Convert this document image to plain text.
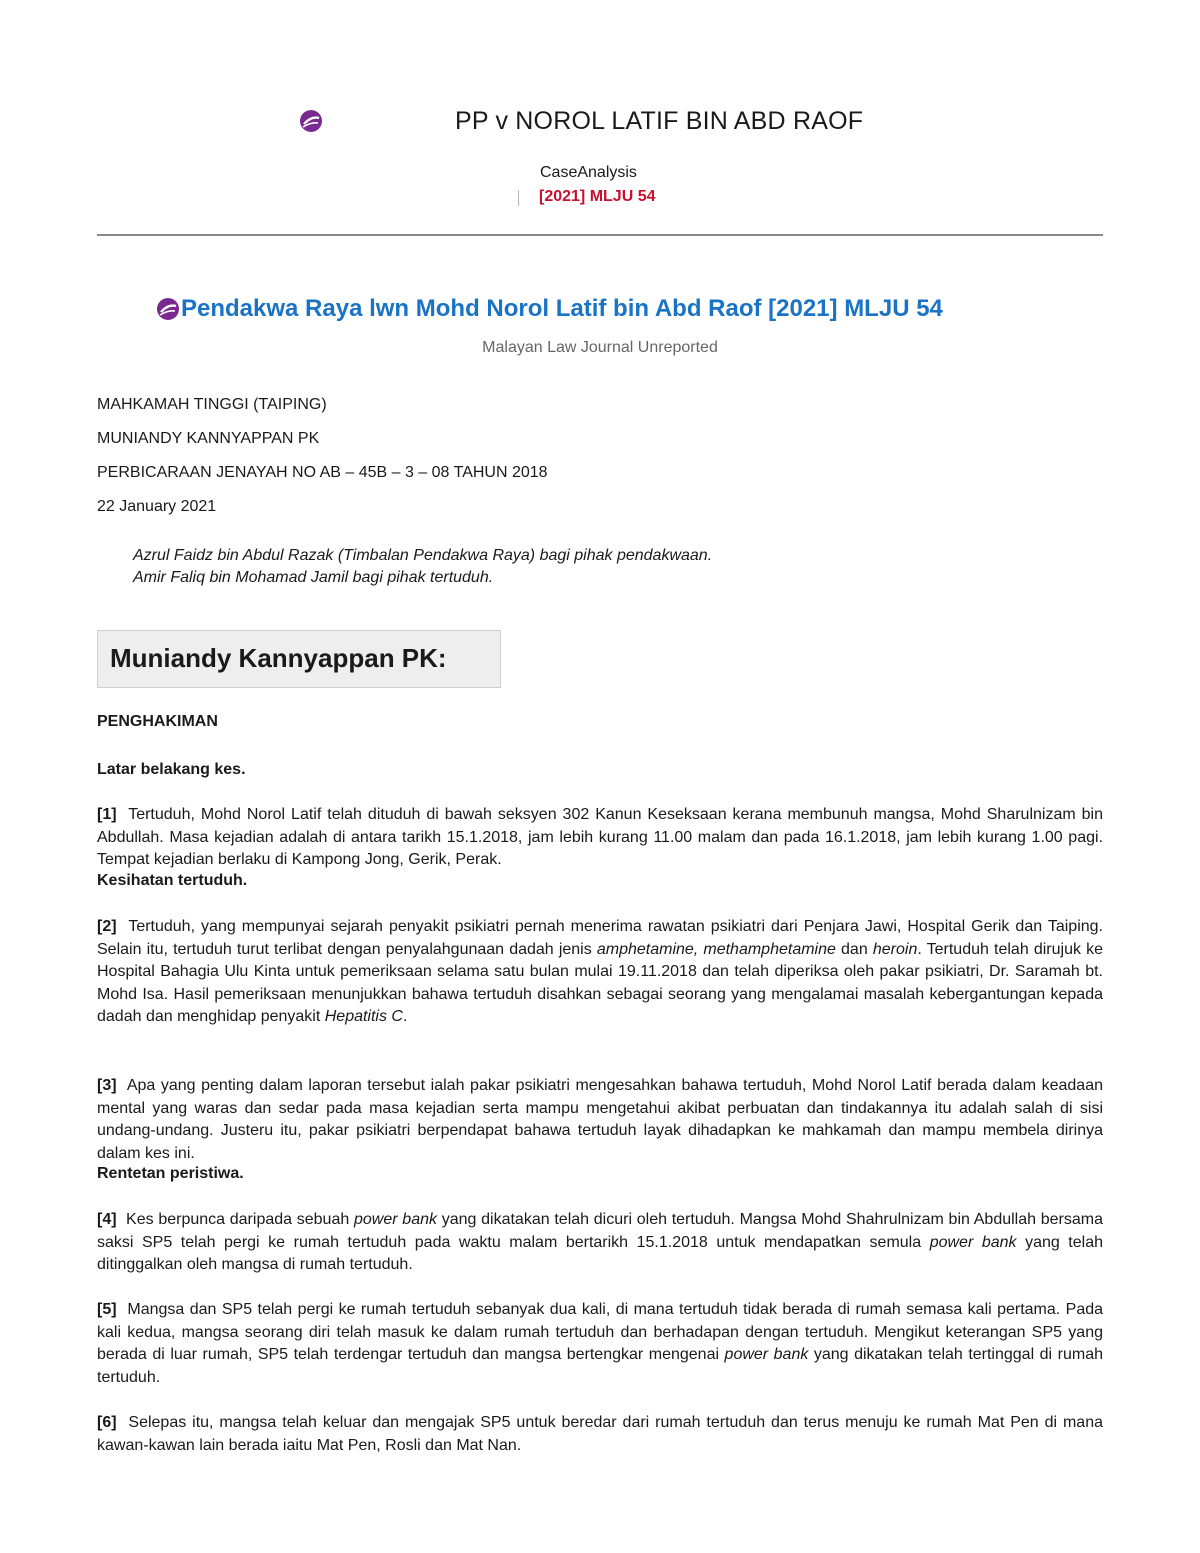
PP v NOROL LATIF BIN ABD RAOF
CaseAnalysis
[2021] MLJU 54
Pendakwa Raya lwn Mohd Norol Latif bin Abd Raof [2021] MLJU 54
Malayan Law Journal Unreported
MAHKAMAH TINGGI (TAIPING)
MUNIANDY KANNYAPPAN PK
PERBICARAAN JENAYAH NO AB – 45B – 3 – 08 TAHUN 2018
22 January 2021
Azrul Faidz bin Abdul Razak (Timbalan Pendakwa Raya) bagi pihak pendakwaan.
Amir Faliq bin Mohamad Jamil bagi pihak tertuduh.
Muniandy Kannyappan PK:
PENGHAKIMAN
Latar belakang kes.
[1] Tertuduh, Mohd Norol Latif telah dituduh di bawah seksyen 302 Kanun Keseksaan kerana membunuh mangsa, Mohd Sharulnizam bin Abdullah. Masa kejadian adalah di antara tarikh 15.1.2018, jam lebih kurang 11.00 malam dan pada 16.1.2018, jam lebih kurang 1.00 pagi. Tempat kejadian berlaku di Kampong Jong, Gerik, Perak.
Kesihatan tertuduh.
[2] Tertuduh, yang mempunyai sejarah penyakit psikiatri pernah menerima rawatan psikiatri dari Penjara Jawi, Hospital Gerik dan Taiping. Selain itu, tertuduh turut terlibat dengan penyalahgunaan dadah jenis amphetamine, methamphetamine dan heroin. Tertuduh telah dirujuk ke Hospital Bahagia Ulu Kinta untuk pemeriksaan selama satu bulan mulai 19.11.2018 dan telah diperiksa oleh pakar psikiatri, Dr. Saramah bt. Mohd Isa. Hasil pemeriksaan menunjukkan bahawa tertuduh disahkan sebagai seorang yang mengalamai masalah kebergantungan kepada dadah dan menghidap penyakit Hepatitis C.
[3] Apa yang penting dalam laporan tersebut ialah pakar psikiatri mengesahkan bahawa tertuduh, Mohd Norol Latif berada dalam keadaan mental yang waras dan sedar pada masa kejadian serta mampu mengetahui akibat perbuatan dan tindakannya itu adalah salah di sisi undang-undang. Justeru itu, pakar psikiatri berpendapat bahawa tertuduh layak dihadapkan ke mahkamah dan mampu membela dirinya dalam kes ini.
Rentetan peristiwa.
[4] Kes berpunca daripada sebuah power bank yang dikatakan telah dicuri oleh tertuduh. Mangsa Mohd Shahrulnizam bin Abdullah bersama saksi SP5 telah pergi ke rumah tertuduh pada waktu malam bertarikh 15.1.2018 untuk mendapatkan semula power bank yang telah ditinggalkan oleh mangsa di rumah tertuduh.
[5] Mangsa dan SP5 telah pergi ke rumah tertuduh sebanyak dua kali, di mana tertuduh tidak berada di rumah semasa kali pertama. Pada kali kedua, mangsa seorang diri telah masuk ke dalam rumah tertuduh dan berhadapan dengan tertuduh. Mengikut keterangan SP5 yang berada di luar rumah, SP5 telah terdengar tertuduh dan mangsa bertengkar mengenai power bank yang dikatakan telah tertinggal di rumah tertuduh.
[6] Selepas itu, mangsa telah keluar dan mengajak SP5 untuk beredar dari rumah tertuduh dan terus menuju ke rumah Mat Pen di mana kawan-kawan lain berada iaitu Mat Pen, Rosli dan Mat Nan.
